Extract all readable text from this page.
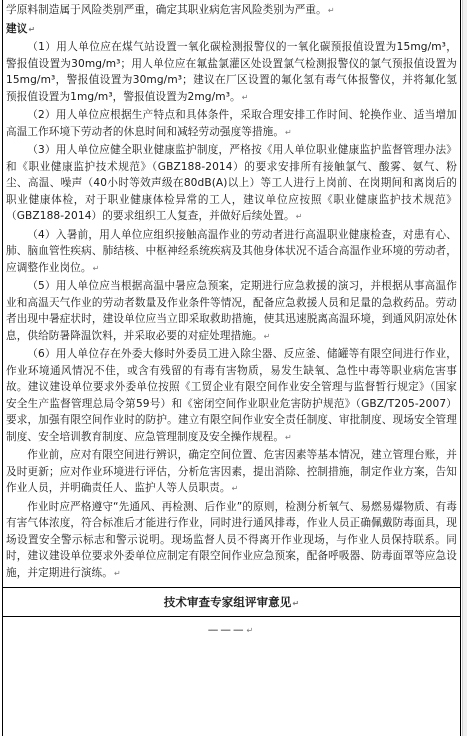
学原料制造属于风险类别严重，确定其职业病危害风险类别为严重。↵

建议↵

（1）用人单位应在煤气站设置一氧化碳检测报警仪的一氧化碳预报值设置为15mg/m³，警报值设置为30mg/m³；用人单位应在氟盐氯灌区处设置氯气检测报警仪的氯气预报值设置为15mg/m³，警报值设置为30mg/m³；建议在厂区设置的氟化氢有毒气体报警仪，并将氟化氢预报值设置为1mg/m³，警报值设置为2mg/m³。↵

（2）用人单位应根据生产特点和具体条件，采取合理安排工作时间、轮换作业、适当增加高温工作环境下劳动者的休息时间和减轻劳动强度等措施。↵

（3）用人单位应健全职业健康监护制度，严格按《用人单位职业健康监护监督管理办法》和《职业健康监护技术规范》（GBZ188-2014）的要求安排所有接触氯气、酸雾、氨气、粉尘、高温、噪声（40小时等效声级在80dB(A)以上）等工人进行上岗前、在岗期间和离岗后的职业健康体检，对于职业健康体检异常的工人，建议单位应按照《职业健康监护技术规范》（GBZ188-2014）的要求组织工人复查，并做好后续处置。↵

（4）入暑前，用人单位应组织接触高温作业的劳动者进行高温职业健康检查，对患有心、肺、脑血管性疾病、肺结核、中枢神经系统疾病及其他身体状况不适合高温作业环境的劳动者，应调整作业岗位。↵

（5）用人单位应当根据高温中暑应急预案，定期进行应急救援的演习，并根据从事高温作业和高温天气作业的劳动者数量及作业条件等情况，配备应急救援人员和足量的急救药品。劳动者出现中暑症状时，建设单位应当立即采取救助措施，使其迅速脱离高温环境，到通风阴凉处休息，供给防暑降温饮料，并采取必要的对症处理措施。↵

（6）用人单位存在外委大修时外委员工进入除尘器、反应釜、储罐等有限空间进行作业，作业环境通风情况不佳，或含有残留的有毒有害物质，易发生缺氧、急性中毒等职业病危害事故。建议建设单位要求外委单位按照《工贸企业有限空间作业安全管理与监督暂行规定》（国家安全生产监督管理总局令第59号）和《密闭空间作业职业危害防护规范》（GBZ/T205-2007）要求，加强有限空间作业时的防护。建立有限空间作业安全责任制度、审批制度、现场安全管理制度、安全培训教育制度、应急管理制度及安全操作规程。↵

作业前，应对有限空间进行辨识，确定空间位置、危害因素等基本情况，建立管理台账，并及时更新；应对作业环境进行评估，分析危害因素，提出消除、控制措施，制定作业方案，告知作业人员，并明确责任人、监护人等人员职责。↵

作业时应严格遵守“先通风、再检测、后作业”的原则，检测分析氧气、易燃易爆物质、有毒有害气体浓度，符合标准后才能进行作业，同时进行通风排毒，作业人员正确佩戴防毒面具，现场设置安全警示标志和警示说明。现场监督人员不得离开作业现场，与作业人员保持联系。同时，建议建设单位要求外委单位应制定有限空间作业应急预案，配备呼吸器、防毒面罩等应急设施，并定期进行演练。↵

技术审查专家组评审意见↵
———↵
